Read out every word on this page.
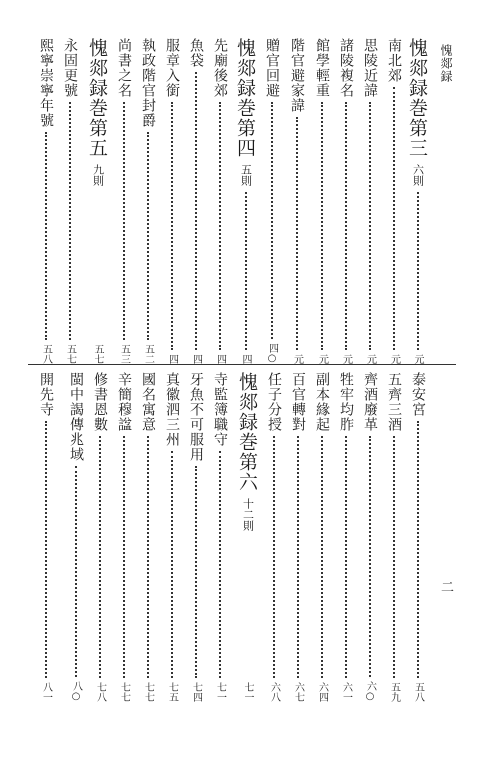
愧郯録
二
愧郯録巻第三
六則
元
南北郊
元
思陵近諱
元
諸陵複名
元
館學輕重
元
階官避家諱
元
贈官回避
四○
愧郯録巻第四
五則
四
先廟後郊
四
魚袋
四
服章入銜
四
執政階官封爵
五二
尚書之名
五三
愧郯録巻第五
九則
五七
永固更號
五七
熙寧崇寧年號
五八
泰安宮
五八
五齊三酒
五九
齊酒廢革
六○
牲牢均胙
六一
副本緣起
六四
百官轉對
六七
任子分授
六八
愧郯録巻第六
十二則
七一
寺監簿職守
七一
牙魚不可服用
七四
真徽泗三州
七五
國名寓意
七七
辛簡穆諡
七七
修書恩數
七八
閩中謁傳兆域
八○
開先寺
八一
